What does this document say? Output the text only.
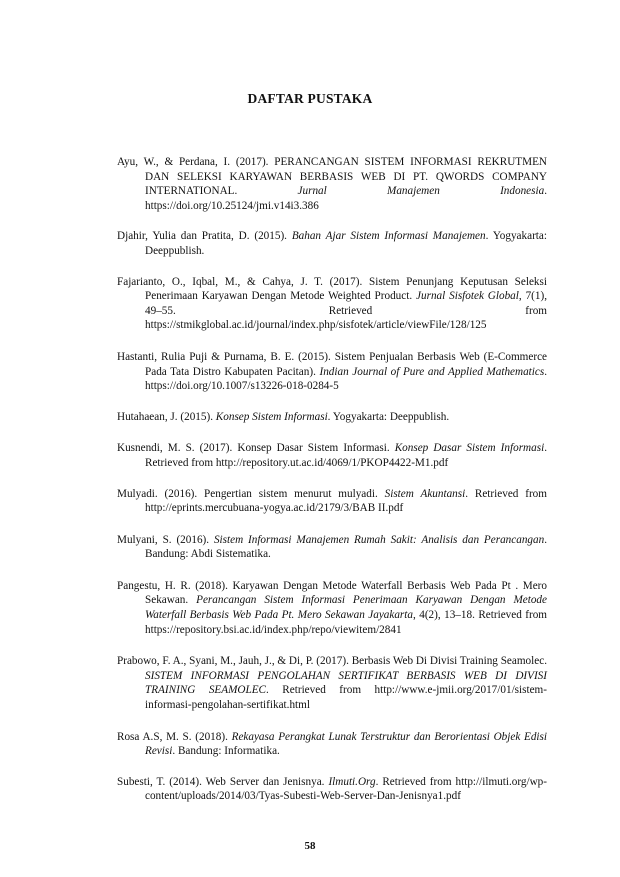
DAFTAR PUSTAKA

Ayu, W., & Perdana, I. (2017). PERANCANGAN SISTEM INFORMASI REKRUTMEN DAN SELEKSI KARYAWAN BERBASIS WEB DI PT. QWORDS COMPANY INTERNATIONAL. Jurnal Manajemen Indonesia. https://doi.org/10.25124/jmi.v14i3.386

Djahir, Yulia dan Pratita, D. (2015). Bahan Ajar Sistem Informasi Manajemen. Yogyakarta: Deeppublish.

Fajarianto, O., Iqbal, M., & Cahya, J. T. (2017). Sistem Penunjang Keputusan Seleksi Penerimaan Karyawan Dengan Metode Weighted Product. Jurnal Sisfotek Global, 7(1), 49–55. Retrieved from https://stmikglobal.ac.id/journal/index.php/sisfotek/article/viewFile/128/125

Hastanti, Rulia Puji & Purnama, B. E. (2015). Sistem Penjualan Berbasis Web (E-Commerce Pada Tata Distro Kabupaten Pacitan). Indian Journal of Pure and Applied Mathematics. https://doi.org/10.1007/s13226-018-0284-5

Hutahaean, J. (2015). Konsep Sistem Informasi. Yogyakarta: Deeppublish.

Kusnendi, M. S. (2017). Konsep Dasar Sistem Informasi. Konsep Dasar Sistem Informasi. Retrieved from http://repository.ut.ac.id/4069/1/PKOP4422-M1.pdf

Mulyadi. (2016). Pengertian sistem menurut mulyadi. Sistem Akuntansi. Retrieved from http://eprints.mercubuana-yogya.ac.id/2179/3/BAB II.pdf

Mulyani, S. (2016). Sistem Informasi Manajemen Rumah Sakit: Analisis dan Perancangan. Bandung: Abdi Sistematika.

Pangestu, H. R. (2018). Karyawan Dengan Metode Waterfall Berbasis Web Pada Pt . Mero Sekawan. Perancangan Sistem Informasi Penerimaan Karyawan Dengan Metode Waterfall Berbasis Web Pada Pt. Mero Sekawan Jayakarta, 4(2), 13–18. Retrieved from https://repository.bsi.ac.id/index.php/repo/viewitem/2841

Prabowo, F. A., Syani, M., Jauh, J., & Di, P. (2017). Berbasis Web Di Divisi Training Seamolec. SISTEM INFORMASI PENGOLAHAN SERTIFIKAT BERBASIS WEB DI DIVISI TRAINING SEAMOLEC. Retrieved from http://www.e-jmii.org/2017/01/sistem-informasi-pengolahan-sertifikat.html

Rosa A.S, M. S. (2018). Rekayasa Perangkat Lunak Terstruktur dan Berorientasi Objek Edisi Revisi. Bandung: Informatika.

Subesti, T. (2014). Web Server dan Jenisnya. Ilmuti.Org. Retrieved from http://ilmuti.org/wp-content/uploads/2014/03/Tyas-Subesti-Web-Server-Dan-Jenisnya1.pdf

58
